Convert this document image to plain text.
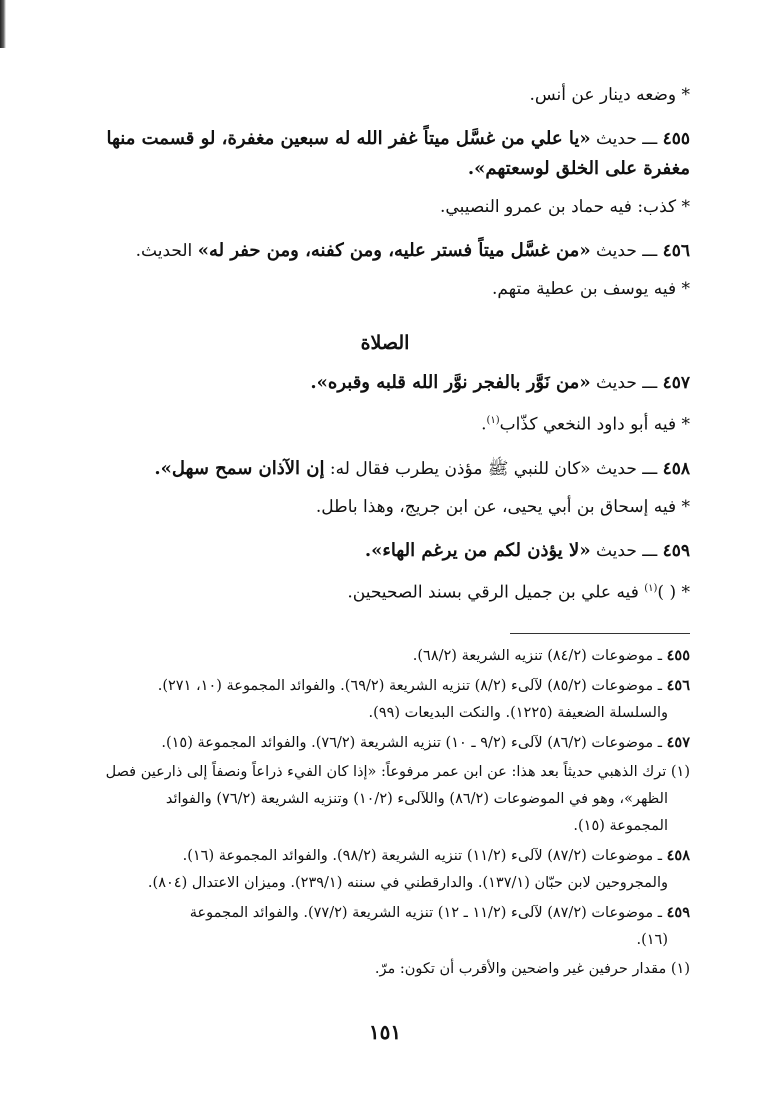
* وضعه دينار عن أنس.

٤٥٥ ـــ حديث «يا علي من غسَّل ميتاً غفر الله له سبعين مغفرة، لو قسمت منها مغفرة على الخلق لوسعتهم».

* كذب: فيه حماد بن عمرو النصيبي.

٤٥٦ ـــ حديث «من غسَّل ميتاً فستر عليه، ومن كفنه، ومن حفر له» الحديث.

* فيه يوسف بن عطية متهم.

الصلاة

٤٥٧ ـــ حديث «من نَوَّر بالفجر نوَّر الله قلبه وقبره».

* فيه أبو داود النخعي كذّاب$^{(١)}$.

٤٥٨ ـــ حديث «كان للنبي ﷺ مؤذن يطرب فقال له: إن الآذان سمح سهل».

* فيه إسحاق بن أبي يحيى، عن ابن جريج، وهذا باطل.

٤٥٩ ـــ حديث «لا يؤذن لكم من يرغم الهاء».

* ( )$^{(١)}$ فيه علي بن جميل الرقي بسند الصحيحين.

٤٥٥ ـ موضوعات (٨٤/٢) تنزيه الشريعة (٦٨/٢).

٤٥٦ ـ موضوعات (٨٥/٢) لآلىء (٨/٢) تنزيه الشريعة (٦٩/٢). والفوائد المجموعة (١٠، ٢٧١).
والسلسلة الضعيفة (١٢٢٥). والنكت البديعات (٩٩).

٤٥٧ ـ موضوعات (٨٦/٢) لآلىء (٩/٢ ـ ١٠) تنزيه الشريعة (٧٦/٢). والفوائد المجموعة (١٥).

(١) ترك الذهبي حديثاً بعد هذا: عن ابن عمر مرفوعاً: «إذا كان الفيء ذراعاً ونصفاً إلى ذارعين فصل
الظهر»، وهو في الموضوعات (٨٦/٢) واللآلىء (١٠/٢) وتنزيه الشريعة (٧٦/٢) والفوائد
المجموعة (١٥).

٤٥٨ ـ موضوعات (٨٧/٢) لآلىء (١١/٢) تنزيه الشريعة (٩٨/٢). والفوائد المجموعة (١٦).
والمجروحين لابن حبّان (١٣٧/١). والدارقطني في سننه (٢٣٩/١). وميزان الاعتدال (٨٠٤).

٤٥٩ ـ موضوعات (٨٧/٢) لآلىء (١١/٢ ـ ١٢) تنزيه الشريعة (٧٧/٢). والفوائد المجموعة
(١٦).

(١) مقدار حرفين غير واضحين والأقرب أن تكون: مرّ.

١٥١
